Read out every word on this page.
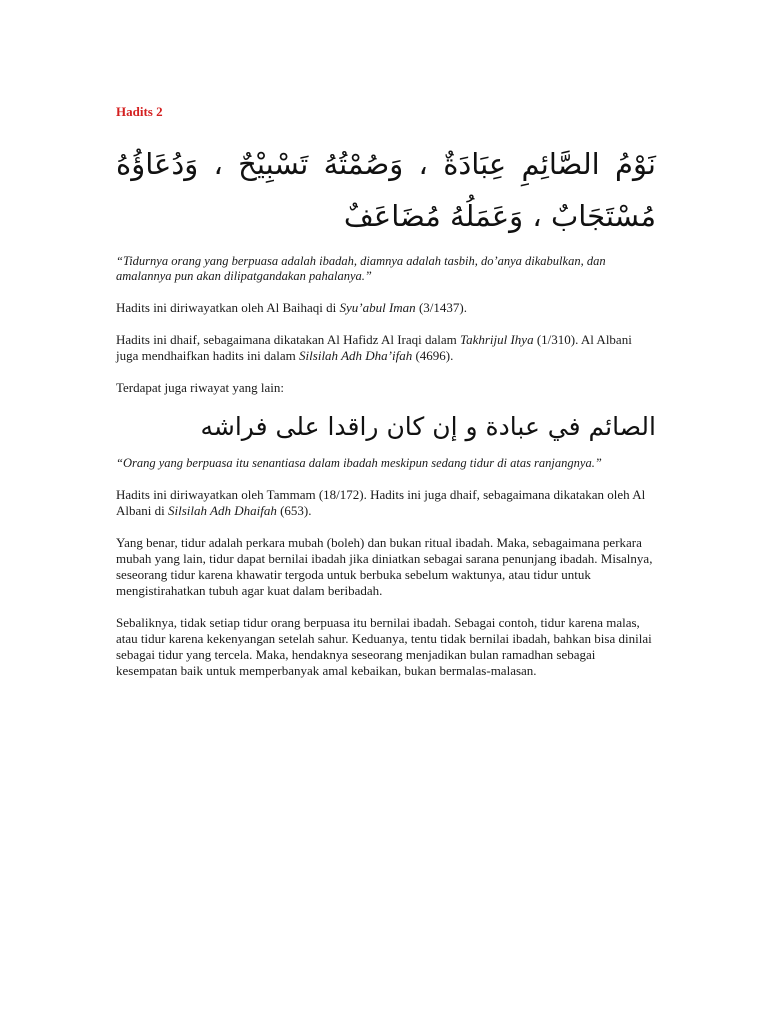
Hadits 2
نَوْمُ الصَّائِمِ عِبَادَةٌ ، وَصُمْتُهُ تَسْبِيْحٌ ، وَدُعَاؤُهُ مُسْتَجَابٌ ، وَعَمَلُهُ مُضَاعَفٌ

“Tidurnya orang yang berpuasa adalah ibadah, diamnya adalah tasbih, do’anya dikabulkan, dan amalannya pun akan dilipatgandakan pahalanya.”

Hadits ini diriwayatkan oleh Al Baihaqi di Syu’abul Iman (3/1437).

Hadits ini dhaif, sebagaimana dikatakan Al Hafidz Al Iraqi dalam Takhrijul Ihya (1/310). Al Albani juga mendhaifkan hadits ini dalam Silsilah Adh Dha’ifah (4696).

Terdapat juga riwayat yang lain:

الصائم في عبادة و إن كان راقدا على فراشه

“Orang yang berpuasa itu senantiasa dalam ibadah meskipun sedang tidur di atas ranjangnya.”

Hadits ini diriwayatkan oleh Tammam (18/172). Hadits ini juga dhaif, sebagaimana dikatakan oleh Al Albani di Silsilah Adh Dhaifah (653).

Yang benar, tidur adalah perkara mubah (boleh) dan bukan ritual ibadah. Maka, sebagaimana perkara mubah yang lain, tidur dapat bernilai ibadah jika diniatkan sebagai sarana penunjang ibadah. Misalnya, seseorang tidur karena khawatir tergoda untuk berbuka sebelum waktunya, atau tidur untuk mengistirahatkan tubuh agar kuat dalam beribadah.

Sebaliknya, tidak setiap tidur orang berpuasa itu bernilai ibadah. Sebagai contoh, tidur karena malas, atau tidur karena kekenyangan setelah sahur. Keduanya, tentu tidak bernilai ibadah, bahkan bisa dinilai sebagai tidur yang tercela. Maka, hendaknya seseorang menjadikan bulan ramadhan sebagai kesempatan baik untuk memperbanyak amal kebaikan, bukan bermalas-malasan.
